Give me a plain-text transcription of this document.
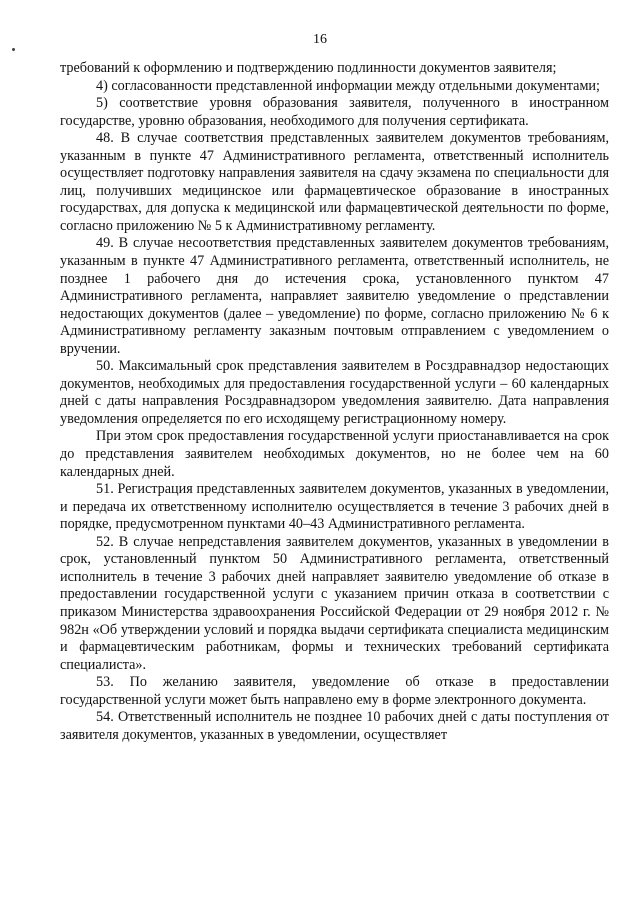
16

требований к оформлению и подтверждению подлинности документов заявителя;

4) согласованности представленной информации между отдельными документами;

5) соответствие уровня образования заявителя, полученного в иностранном государстве, уровню образования, необходимого для получения сертификата.

48. В случае соответствия представленных заявителем документов требованиям, указанным в пункте 47 Административного регламента, ответственный исполнитель осуществляет подготовку направления заявителя на сдачу экзамена по специальности для лиц, получивших медицинское или фармацевтическое образование в иностранных государствах, для допуска к медицинской или фармацевтической деятельности по форме, согласно приложению № 5 к Административному регламенту.

49. В случае несоответствия представленных заявителем документов требованиям, указанным в пункте 47 Административного регламента, ответственный исполнитель, не позднее 1 рабочего дня до истечения срока, установленного пунктом 47 Административного регламента, направляет заявителю уведомление о представлении недостающих документов (далее – уведомление) по форме, согласно приложению № 6 к Административному регламенту заказным почтовым отправлением с уведомлением о вручении.

50. Максимальный срок представления заявителем в Росздравнадзор недостающих документов, необходимых для предоставления государственной услуги – 60 календарных дней с даты направления Росздравнадзором уведомления заявителю. Дата направления уведомления определяется по его исходящему регистрационному номеру.

При этом срок предоставления государственной услуги приостанавливается на срок до представления заявителем необходимых документов, но не более чем на 60 календарных дней.

51. Регистрация представленных заявителем документов, указанных в уведомлении, и передача их ответственному исполнителю осуществляется в течение 3 рабочих дней в порядке, предусмотренном пунктами 40–43 Административного регламента.

52. В случае непредставления заявителем документов, указанных в уведомлении в срок, установленный пунктом 50 Административного регламента, ответственный исполнитель в течение 3 рабочих дней направляет заявителю уведомление об отказе в предоставлении государственной услуги с указанием причин отказа в соответствии с приказом Министерства здравоохранения Российской Федерации от 29 ноября 2012 г. № 982н «Об утверждении условий и порядка выдачи сертификата специалиста медицинским и фармацевтическим работникам, формы и технических требований сертификата специалиста».

53. По желанию заявителя, уведомление об отказе в предоставлении государственной услуги может быть направлено ему в форме электронного документа.

54. Ответственный исполнитель не позднее 10 рабочих дней с даты поступления от заявителя документов, указанных в уведомлении, осуществляет
